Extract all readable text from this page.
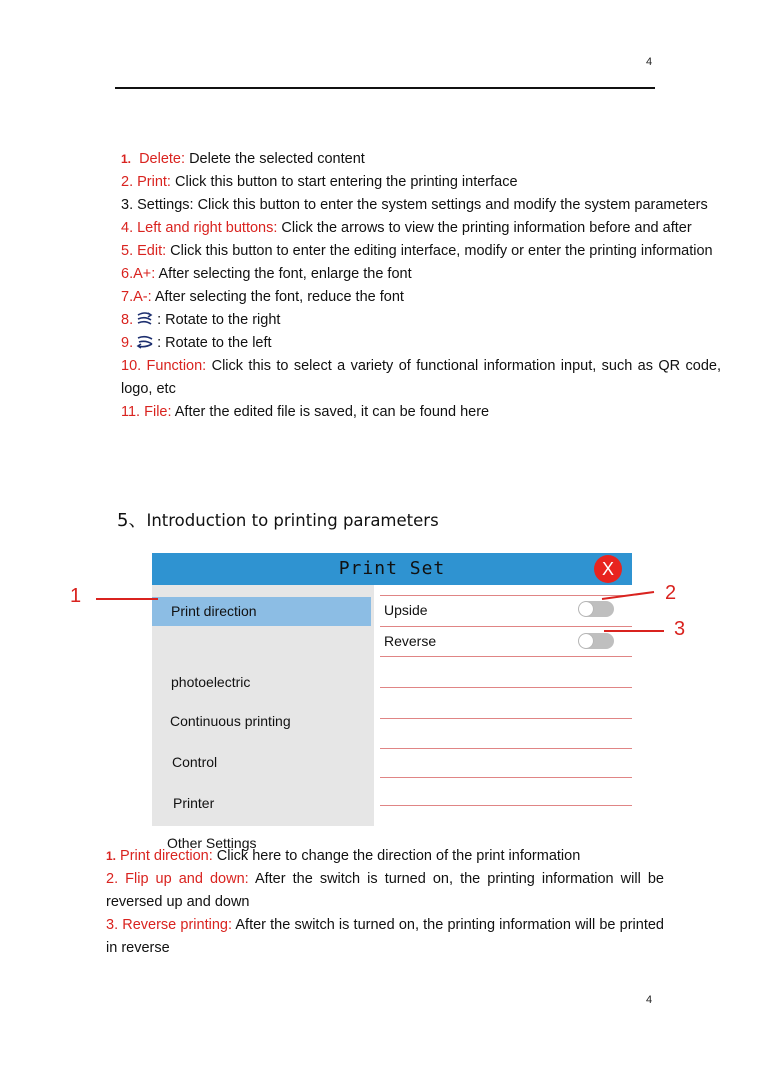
4
1. Delete: Delete the selected content
2. Print: Click this button to start entering the printing interface
3. Settings: Click this button to enter the system settings and modify the system parameters
4. Left and right buttons: Click the arrows to view the printing information before and after
5. Edit: Click this button to enter the editing interface, modify or enter the printing information
6.A+: After selecting the font, enlarge the font
7.A-: After selecting the font, reduce the font
8. : Rotate to the right
9. : Rotate to the left
10. Function: Click this to select a variety of functional information input, such as QR code, logo, etc
11. File: After the edited file is saved, it can be found here
5、Introduction to printing parameters
Print Set	X
Print direction
photoelectric
Continuous printing
Control
Printer
Other Settings
Upside
Reverse
1	2
3
1. Print direction: Click here to change the direction of the print information
2. Flip up and down: After the switch is turned on, the printing information will be reversed up and down
3. Reverse printing: After the switch is turned on, the printing information will be printed in reverse
4
